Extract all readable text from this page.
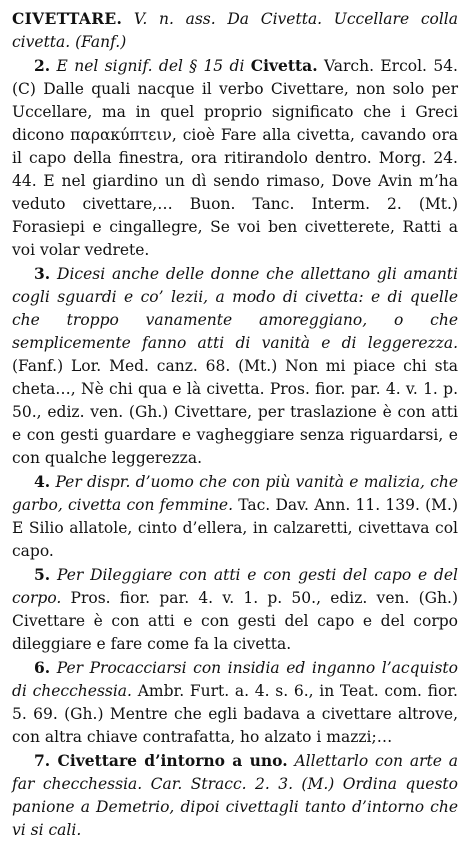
CIVETTARE. V. n. ass. Da Civetta. Uccellare colla civetta. (Fanf.)

2. E nel signif. del § 15 di Civetta. Varch. Ercol. 54. (C) Dalle quali nacque il verbo Civettare, non solo per Uccellare, ma in quel proprio significato che i Greci dicono παρακύπτειν, cioè Fare alla civetta, cavando ora il capo della finestra, ora ritirandolo dentro. Morg. 24. 44. E nel giardino un dì sendo rimaso, Dove Avin m’ha veduto civettare,… Buon. Tanc. Interm. 2. (Mt.) Forasiepi e cingallegre, Se voi ben civetterete, Ratti a voi volar vedrete.

3. Dicesi anche delle donne che allettano gli amanti cogli sguardi e co’ lezii, a modo di civetta: e di quelle che troppo vanamente amoreggiano, o che semplicemente fanno atti di vanità e di leggerezza. (Fanf.) Lor. Med. canz. 68. (Mt.) Non mi piace chi sta cheta…, Nè chi qua e là civetta. Pros. fior. par. 4. v. 1. p. 50., ediz. ven. (Gh.) Civettare, per traslazione è con atti e con gesti guardare e vagheggiare senza riguardarsi, e con qualche leggerezza.

4. Per dispr. d’uomo che con più vanità e malizia, che garbo, civetta con femmine. Tac. Dav. Ann. 11. 139. (M.) E Silio allatole, cinto d’ellera, in calzaretti, civettava col capo.

5. Per Dileggiare con atti e con gesti del capo e del corpo. Pros. fior. par. 4. v. 1. p. 50., ediz. ven. (Gh.) Civettare è con atti e con gesti del capo e del corpo dileggiare e fare come fa la civetta.

6. Per Procacciarsi con insidia ed inganno l’acquisto di checchessia. Ambr. Furt. a. 4. s. 6., in Teat. com. fior. 5. 69. (Gh.) Mentre che egli badava a civettare altrove, con altra chiave contrafatta, ho alzato i mazzi;…

7. Civettare d’intorno a uno. Allettarlo con arte a far checchessia. Car. Stracc. 2. 3. (M.) Ordina questo panione a Demetrio, dipoi civettagli tanto d’intorno che vi si cali.
